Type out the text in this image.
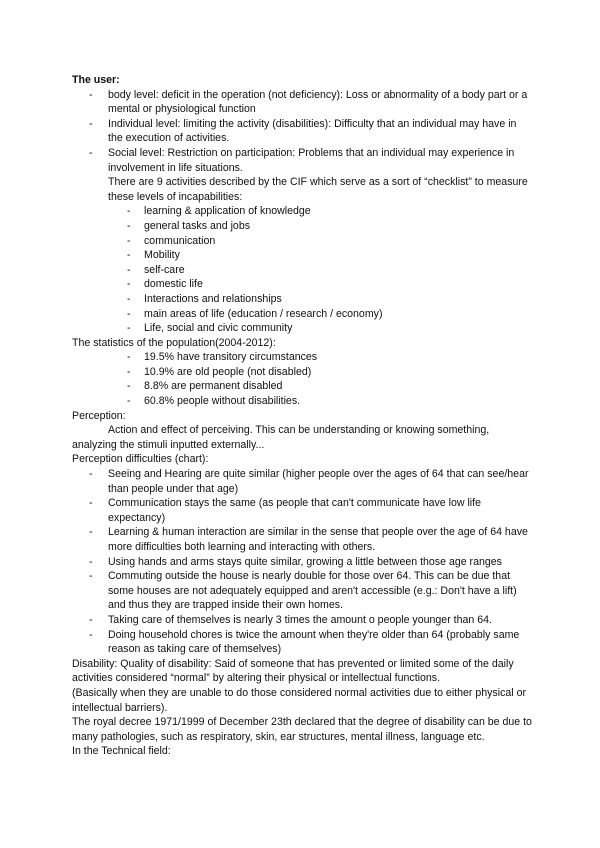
The user:
- body level: deficit in the operation (not deficiency): Loss or abnormality of a body part or a mental or physiological function
- Individual level: limiting the activity (disabilities): Difficulty that an individual may have in the execution of activities.
- Social level: Restriction on participation: Problems that an individual may experience in involvement in life situations.
There are 9 activities described by the CIF which serve as a sort of “checklist” to measure these levels of incapabilities:
- learning & application of knowledge
- general tasks and jobs
- communication
- Mobility
- self-care
- domestic life
- Interactions and relationships
- main areas of life (education / research / economy)
- Life, social and civic community
The statistics of the population(2004-2012):
- 19.5% have transitory circumstances
- 10.9% are old people (not disabled)
- 8.8% are permanent disabled
- 60.8% people without disabilities.
Perception:
Action and effect of perceiving. This can be understanding or knowing something, analyzing the stimuli inputted externally...
Perception difficulties (chart):
- Seeing and Hearing are quite similar (higher people over the ages of 64 that can see/hear than people under that age)
- Communication stays the same (as people that can't communicate have low life expectancy)
- Learning & human interaction are similar in the sense that people over the age of 64 have more difficulties both learning and interacting with others.
- Using hands and arms stays quite similar, growing a little between those age ranges
- Commuting outside the house is nearly double for those over 64. This can be due that some houses are not adequately equipped and aren't accessible (e.g.: Don't have a lift) and thus they are trapped inside their own homes.
- Taking care of themselves is nearly 3 times the amount o people younger than 64.
- Doing household chores is twice the amount when they're older than 64 (probably same reason as taking care of themselves)
Disability: Quality of disability: Said of someone that has prevented or limited some of the daily activities considered “normal” by altering their physical or intellectual functions.
(Basically when they are unable to do those considered normal activities due to either physical or intellectual barriers).
The royal decree 1971/1999 of December 23th declared that the degree of disability can be due to many pathologies, such as respiratory, skin, ear structures, mental illness, language etc.
In the Technical field:
